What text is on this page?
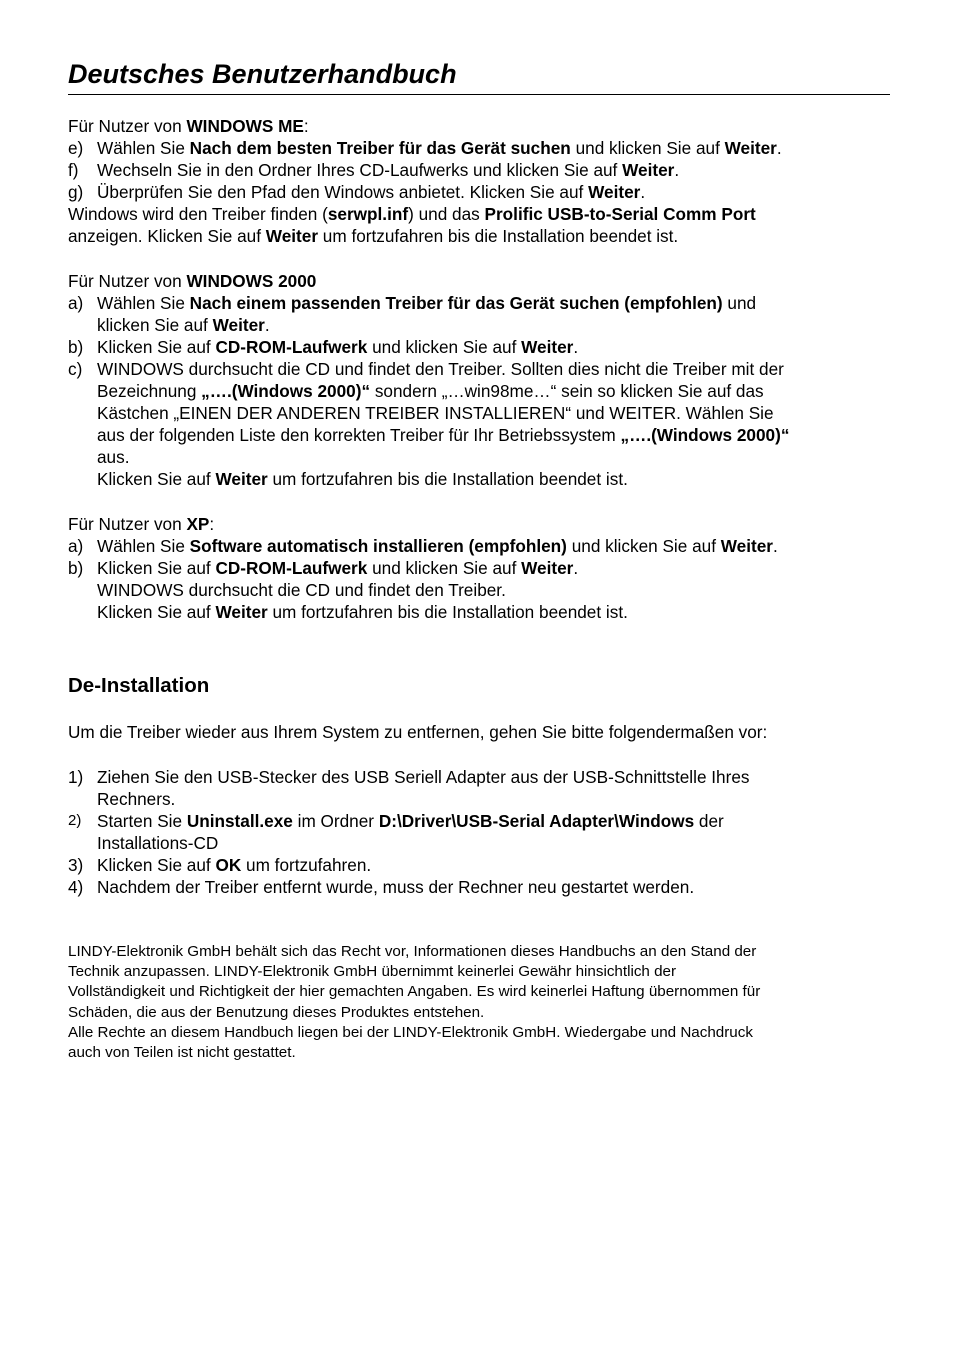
Deutsches Benutzerhandbuch
Für Nutzer von WINDOWS ME:
e) Wählen Sie Nach dem besten Treiber für das Gerät suchen und klicken Sie auf Weiter.
f)	Wechseln Sie in den Ordner Ihres CD-Laufwerks und klicken Sie auf Weiter.
g) Überprüfen Sie den Pfad den Windows anbietet. Klicken Sie auf Weiter.
Windows wird den Treiber finden (serwpl.inf) und das Prolific USB-to-Serial Comm Port
anzeigen. Klicken Sie auf Weiter um fortzufahren bis die Installation beendet ist.
Für Nutzer von WINDOWS 2000
a) Wählen Sie Nach einem passenden Treiber für das Gerät suchen (empfohlen) und
klicken Sie auf Weiter.
b) Klicken Sie auf CD-ROM-Laufwerk und klicken Sie auf Weiter.
c) WINDOWS durchsucht die CD und findet den Treiber. Sollten dies nicht die Treiber mit der
Bezeichnung „….(Windows 2000)“ sondern „…win98me…“ sein so klicken Sie auf das
Kästchen „EINEN DER ANDEREN TREIBER INSTALLIEREN“ und WEITER. Wählen Sie
aus der folgenden Liste den korrekten Treiber für Ihr Betriebssystem „….(Windows 2000)“
aus.
Klicken Sie auf Weiter um fortzufahren bis die Installation beendet ist.
Für Nutzer von XP:
a) Wählen Sie Software automatisch installieren (empfohlen) und klicken Sie auf Weiter.
b) Klicken Sie auf CD-ROM-Laufwerk und klicken Sie auf Weiter.
WINDOWS durchsucht die CD und findet den Treiber.
Klicken Sie auf Weiter um fortzufahren bis die Installation beendet ist.
De-Installation
Um die Treiber wieder aus Ihrem System zu entfernen, gehen Sie bitte folgendermaßen vor:
1) Ziehen Sie den USB-Stecker des USB Seriell Adapter aus der USB-Schnittstelle Ihres
Rechners.
2) Starten Sie Uninstall.exe im Ordner D:\Driver\USB-Serial Adapter\Windows der
Installations-CD
3) Klicken Sie auf OK um fortzufahren.
4) Nachdem der Treiber entfernt wurde, muss der Rechner neu gestartet werden.
LINDY-Elektronik GmbH behält sich das Recht vor, Informationen dieses Handbuchs an den Stand der
Technik anzupassen. LINDY-Elektronik GmbH übernimmt keinerlei Gewähr hinsichtlich der
Vollständigkeit und Richtigkeit der hier gemachten Angaben. Es wird keinerlei Haftung übernommen für
Schäden, die aus der Benutzung dieses Produktes entstehen.
Alle Rechte an diesem Handbuch liegen bei der LINDY-Elektronik GmbH. Wiedergabe und Nachdruck
auch von Teilen ist nicht gestattet.
